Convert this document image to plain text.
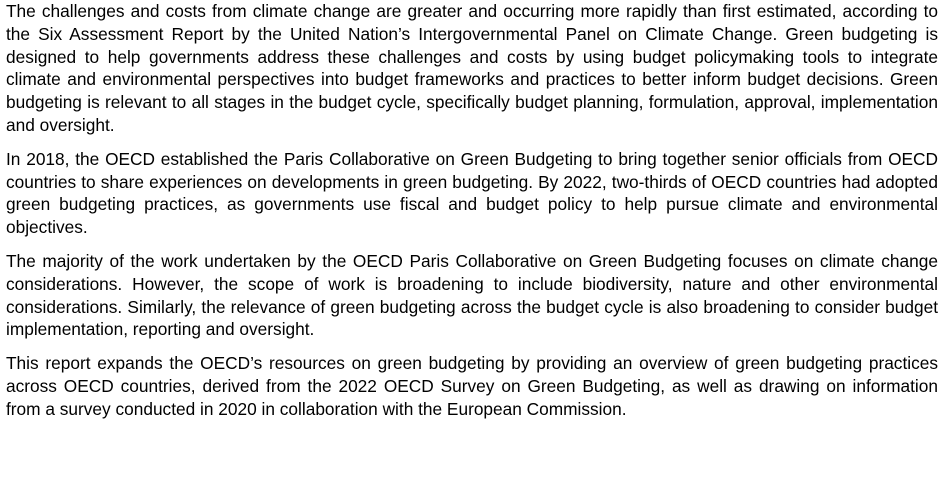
The challenges and costs from climate change are greater and occurring more rapidly than first estimated, according to the Six Assessment Report by the United Nation’s Intergovernmental Panel on Climate Change. Green budgeting is designed to help governments address these challenges and costs by using budget policymaking tools to integrate climate and environmental perspectives into budget frameworks and practices to better inform budget decisions. Green budgeting is relevant to all stages in the budget cycle, specifically budget planning, formulation, approval, implementation and oversight.

In 2018, the OECD established the Paris Collaborative on Green Budgeting to bring together senior officials from OECD countries to share experiences on developments in green budgeting. By 2022, two-thirds of OECD countries had adopted green budgeting practices, as governments use fiscal and budget policy to help pursue climate and environmental objectives.

The majority of the work undertaken by the OECD Paris Collaborative on Green Budgeting focuses on climate change considerations. However, the scope of work is broadening to include biodiversity, nature and other environmental considerations. Similarly, the relevance of green budgeting across the budget cycle is also broadening to consider budget implementation, reporting and oversight.

This report expands the OECD’s resources on green budgeting by providing an overview of green budgeting practices across OECD countries, derived from the 2022 OECD Survey on Green Budgeting, as well as drawing on information from a survey conducted in 2020 in collaboration with the European Commission.
